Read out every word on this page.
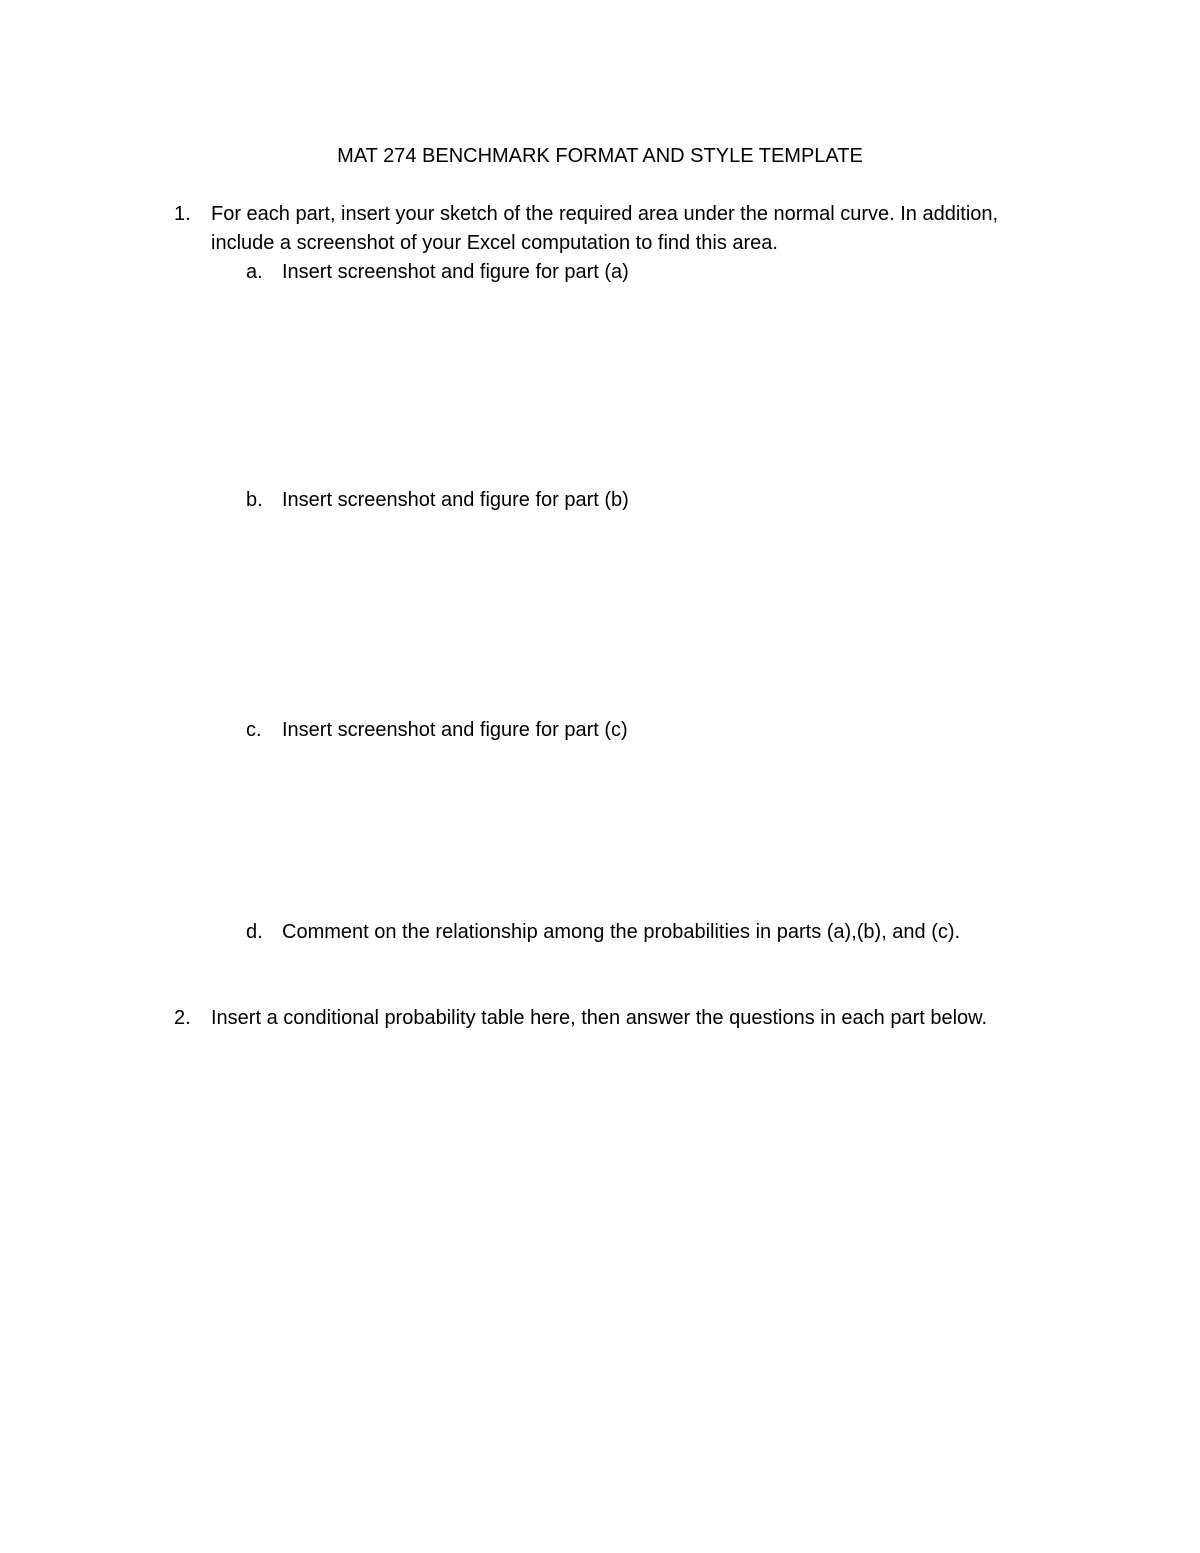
MAT 274 BENCHMARK FORMAT AND STYLE TEMPLATE
1.	For each part, insert your sketch of the required area under the normal curve. In addition, include a screenshot of your Excel computation to find this area.
a. Insert screenshot and figure for part (a)
b. Insert screenshot and figure for part (b)
c.	Insert screenshot and figure for part (c)
d. Comment on the relationship among the probabilities in parts (a),(b), and (c).
2.	Insert a conditional probability table here, then answer the questions in each part below.
